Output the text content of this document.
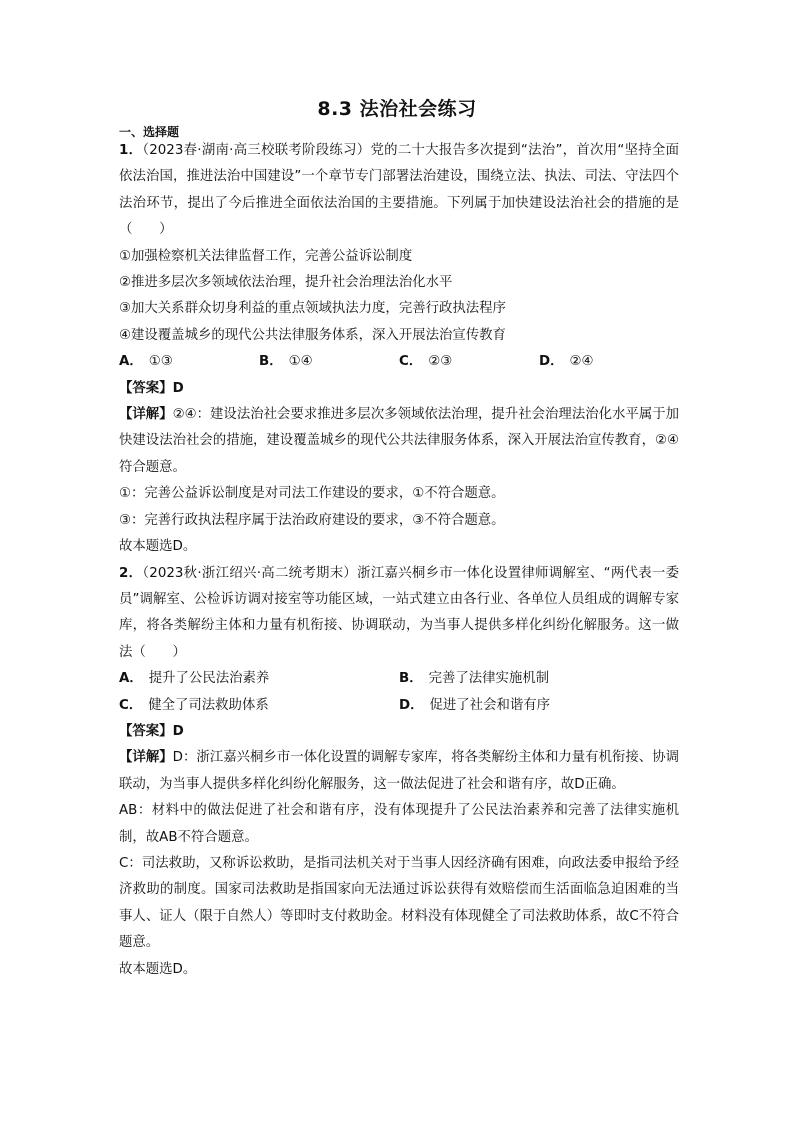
8.3 法治社会练习
一、选择题

1．（2023春·湖南·高三校联考阶段练习）党的二十大报告多次提到“法治”，首次用“坚持全面依法治国，推进法治中国建设”一个章节专门部署法治建设，围绕立法、执法、司法、守法四个法治环节，提出了今后推进全面依法治国的主要措施。下列属于加快建设法治社会的措施的是（　　）

①加强检察机关法律监督工作，完善公益诉讼制度

②推进多层次多领域依法治理，提升社会治理法治化水平

③加大关系群众切身利益的重点领域执法力度，完善行政执法程序

④建设覆盖城乡的现代公共法律服务体系，深入开展法治宣传教育

A． ①③	B． ①④	C． ②③	D． ②④

【答案】D

【详解】②④：建设法治社会要求推进多层次多领域依法治理，提升社会治理法治化水平属于加快建设法治社会的措施，建设覆盖城乡的现代公共法律服务体系，深入开展法治宣传教育，②④符合题意。

①：完善公益诉讼制度是对司法工作建设的要求，①不符合题意。

③：完善行政执法程序属于法治政府建设的要求，③不符合题意。

故本题选D。

2．（2023秋·浙江绍兴·高二统考期末）浙江嘉兴桐乡市一体化设置律师调解室、“两代表一委员”调解室、公检诉访调对接室等功能区域，一站式建立由各行业、各单位人员组成的调解专家库，将各类解纷主体和力量有机衔接、协调联动，为当事人提供多样化纠纷化解服务。这一做法（　　）

A． 提升了公民法治素养	B． 完善了法律实施机制
C． 健全了司法救助体系	D． 促进了社会和谐有序

【答案】D

【详解】D：浙江嘉兴桐乡市一体化设置的调解专家库，将各类解纷主体和力量有机衔接、协调联动，为当事人提供多样化纠纷化解服务，这一做法促进了社会和谐有序，故D正确。

AB：材料中的做法促进了社会和谐有序，没有体现提升了公民法治素养和完善了法律实施机制，故AB不符合题意。

C：司法救助，又称诉讼救助，是指司法机关对于当事人因经济确有困难，向政法委申报给予经济救助的制度。国家司法救助是指国家向无法通过诉讼获得有效赔偿而生活面临急迫困难的当事人、证人（限于自然人）等即时支付救助金。材料没有体现健全了司法救助体系，故C不符合题意。

故本题选D。
